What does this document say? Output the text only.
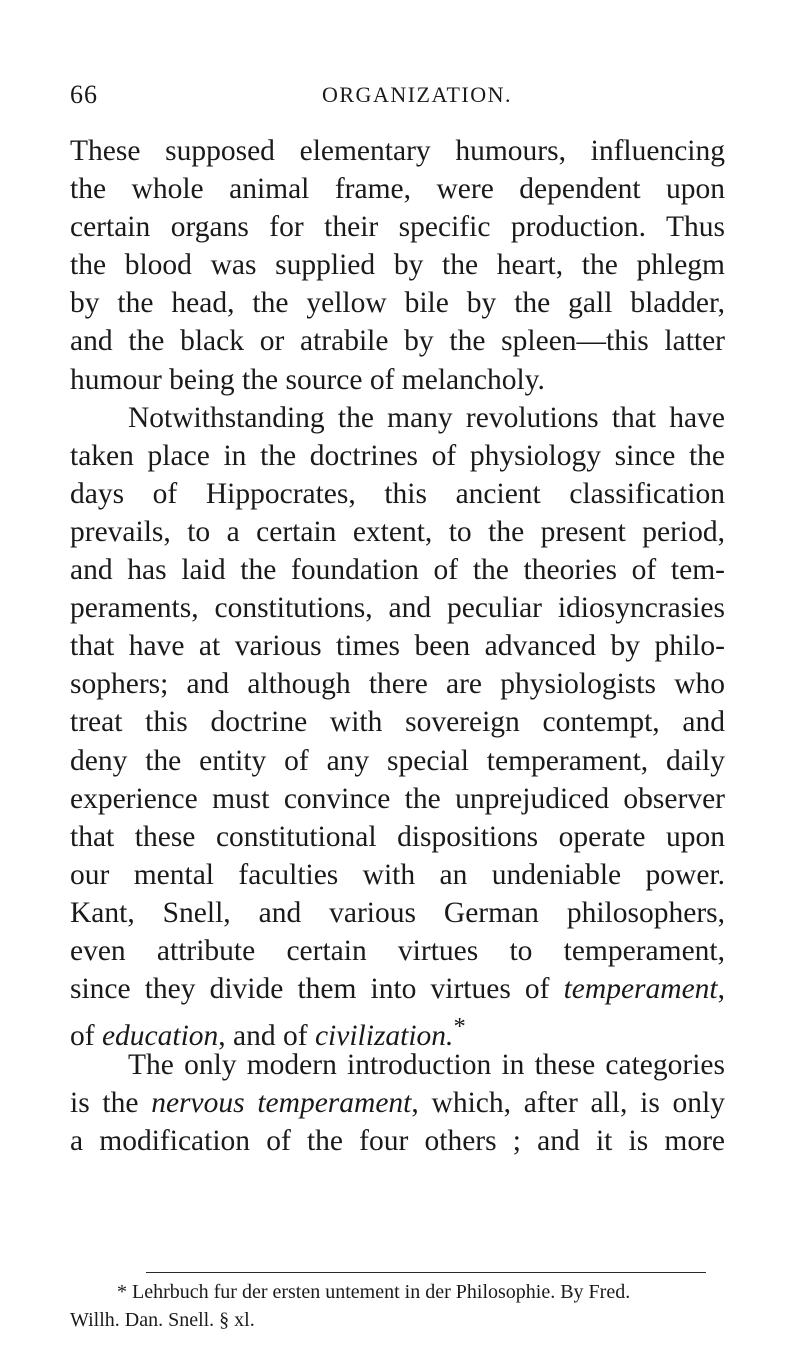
66	ORGANIZATION.
These supposed elementary humours, influencing
the whole animal frame, were dependent upon
certain organs for their specific production. Thus
the blood was supplied by the heart, the phlegm
by the head, the yellow bile by the gall bladder,
and the black or atrabile by the spleen—this latter
humour being the source of melancholy.
Notwithstanding the many revolutions that have
taken place in the doctrines of physiology since the
days of Hippocrates, this ancient classification
prevails, to a certain extent, to the present period,
and has laid the foundation of the theories of tem-
peraments, constitutions, and peculiar idiosyncrasies
that have at various times been advanced by philo-
sophers; and although there are physiologists who
treat this doctrine with sovereign contempt, and
deny the entity of any special temperament, daily
experience must convince the unprejudiced observer
that these constitutional dispositions operate upon
our mental faculties with an undeniable power.
Kant, Snell, and various German philosophers,
even attribute certain virtues to temperament,
since they divide them into virtues of temperament,
of education, and of civilization.*
The only modern introduction in these categories
is the nervous temperament, which, after all, is only
a modification of the four others ; and it is more
* Lehrbuch fur der ersten untement in der Philosophie. By Fred.
Willh. Dan. Snell. § xl.
